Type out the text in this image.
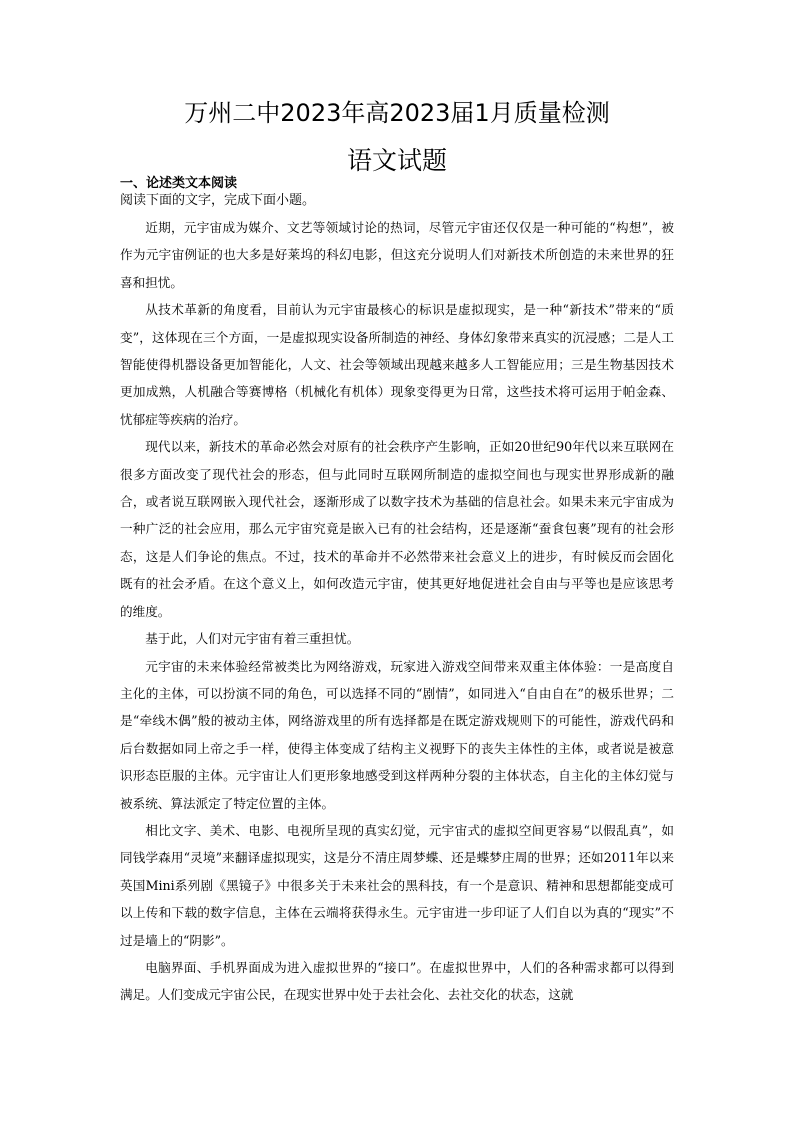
万州二中2023年高2023届1月质量检测
语文试题
一、论述类文本阅读
阅读下面的文字，完成下面小题。

近期，元宇宙成为媒介、文艺等领域讨论的热词，尽管元宇宙还仅仅是一种可能的“构想”，被作为元宇宙例证的也大多是好莱坞的科幻电影，但这充分说明人们对新技术所创造的未来世界的狂喜和担忧。

从技术革新的角度看，目前认为元宇宙最核心的标识是虚拟现实，是一种“新技术”带来的“质变”，这体现在三个方面，一是虚拟现实设备所制造的神经、身体幻象带来真实的沉浸感；二是人工智能使得机器设备更加智能化，人文、社会等领域出现越来越多人工智能应用；三是生物基因技术更加成熟，人机融合等赛博格（机械化有机体）现象变得更为日常，这些技术将可运用于帕金森、忧郁症等疾病的治疗。

现代以来，新技术的革命必然会对原有的社会秩序产生影响，正如20世纪90年代以来互联网在很多方面改变了现代社会的形态，但与此同时互联网所制造的虚拟空间也与现实世界形成新的融合，或者说互联网嵌入现代社会，逐渐形成了以数字技术为基础的信息社会。如果未来元宇宙成为一种广泛的社会应用，那么元宇宙究竟是嵌入已有的社会结构，还是逐渐“蚕食包裹”现有的社会形态，这是人们争论的焦点。不过，技术的革命并不必然带来社会意义上的进步，有时候反而会固化既有的社会矛盾。在这个意义上，如何改造元宇宙，使其更好地促进社会自由与平等也是应该思考的维度。

基于此，人们对元宇宙有着三重担忧。

元宇宙的未来体验经常被类比为网络游戏，玩家进入游戏空间带来双重主体体验：一是高度自主化的主体，可以扮演不同的角色，可以选择不同的“剧情”，如同进入“自由自在”的极乐世界；二是“牵线木偶”般的被动主体，网络游戏里的所有选择都是在既定游戏规则下的可能性，游戏代码和后台数据如同上帝之手一样，使得主体变成了结构主义视野下的丧失主体性的主体，或者说是被意识形态臣服的主体。元宇宙让人们更形象地感受到这样两种分裂的主体状态，自主化的主体幻觉与被系统、算法派定了特定位置的主体。

相比文字、美术、电影、电视所呈现的真实幻觉，元宇宙式的虚拟空间更容易“以假乱真”，如同钱学森用“灵境”来翻译虚拟现实，这是分不清庄周梦蝶、还是蝶梦庄周的世界；还如2011年以来英国Mini系列剧《黑镜子》中很多关于未来社会的黑科技，有一个是意识、精神和思想都能变成可以上传和下载的数字信息，主体在云端将获得永生。元宇宙进一步印证了人们自以为真的“现实”不过是墙上的“阴影”。

电脑界面、手机界面成为进入虚拟世界的“接口”。在虚拟世界中，人们的各种需求都可以得到满足。人们变成元宇宙公民，在现实世界中处于去社会化、去社交化的状态，这就
